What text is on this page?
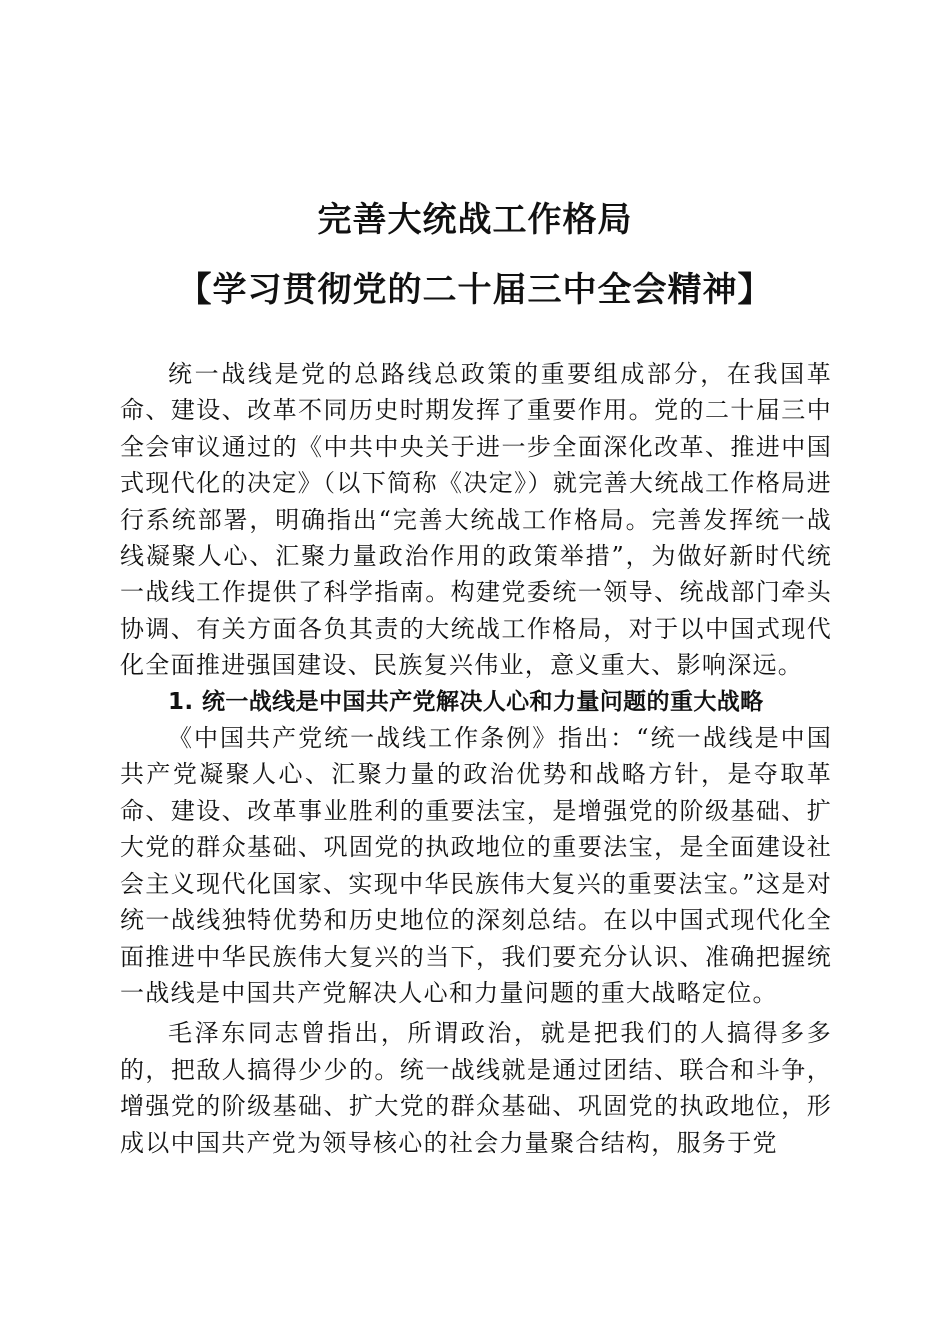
完善大统战工作格局
【学习贯彻党的二十届三中全会精神】

统一战线是党的总路线总政策的重要组成部分，在我国革命、建设、改革不同历史时期发挥了重要作用。党的二十届三中全会审议通过的《中共中央关于进一步全面深化改革、推进中国式现代化的决定》（以下简称《决定》）就完善大统战工作格局进行系统部署，明确指出“完善大统战工作格局。完善发挥统一战线凝聚人心、汇聚力量政治作用的政策举措”，为做好新时代统一战线工作提供了科学指南。构建党委统一领导、统战部门牵头协调、有关方面各负其责的大统战工作格局，对于以中国式现代化全面推进强国建设、民族复兴伟业，意义重大、影响深远。

1. 统一战线是中国共产党解决人心和力量问题的重大战略

《中国共产党统一战线工作条例》指出：“统一战线是中国共产党凝聚人心、汇聚力量的政治优势和战略方针，是夺取革命、建设、改革事业胜利的重要法宝，是增强党的阶级基础、扩大党的群众基础、巩固党的执政地位的重要法宝，是全面建设社会主义现代化国家、实现中华民族伟大复兴的重要法宝。”这是对统一战线独特优势和历史地位的深刻总结。在以中国式现代化全面推进中华民族伟大复兴的当下，我们要充分认识、准确把握统一战线是中国共产党解决人心和力量问题的重大战略定位。

毛泽东同志曾指出，所谓政治，就是把我们的人搞得多多的，把敌人搞得少少的。统一战线就是通过团结、联合和斗争，增强党的阶级基础、扩大党的群众基础、巩固党的执政地位，形成以中国共产党为领导核心的社会力量聚合结构，服务于党
